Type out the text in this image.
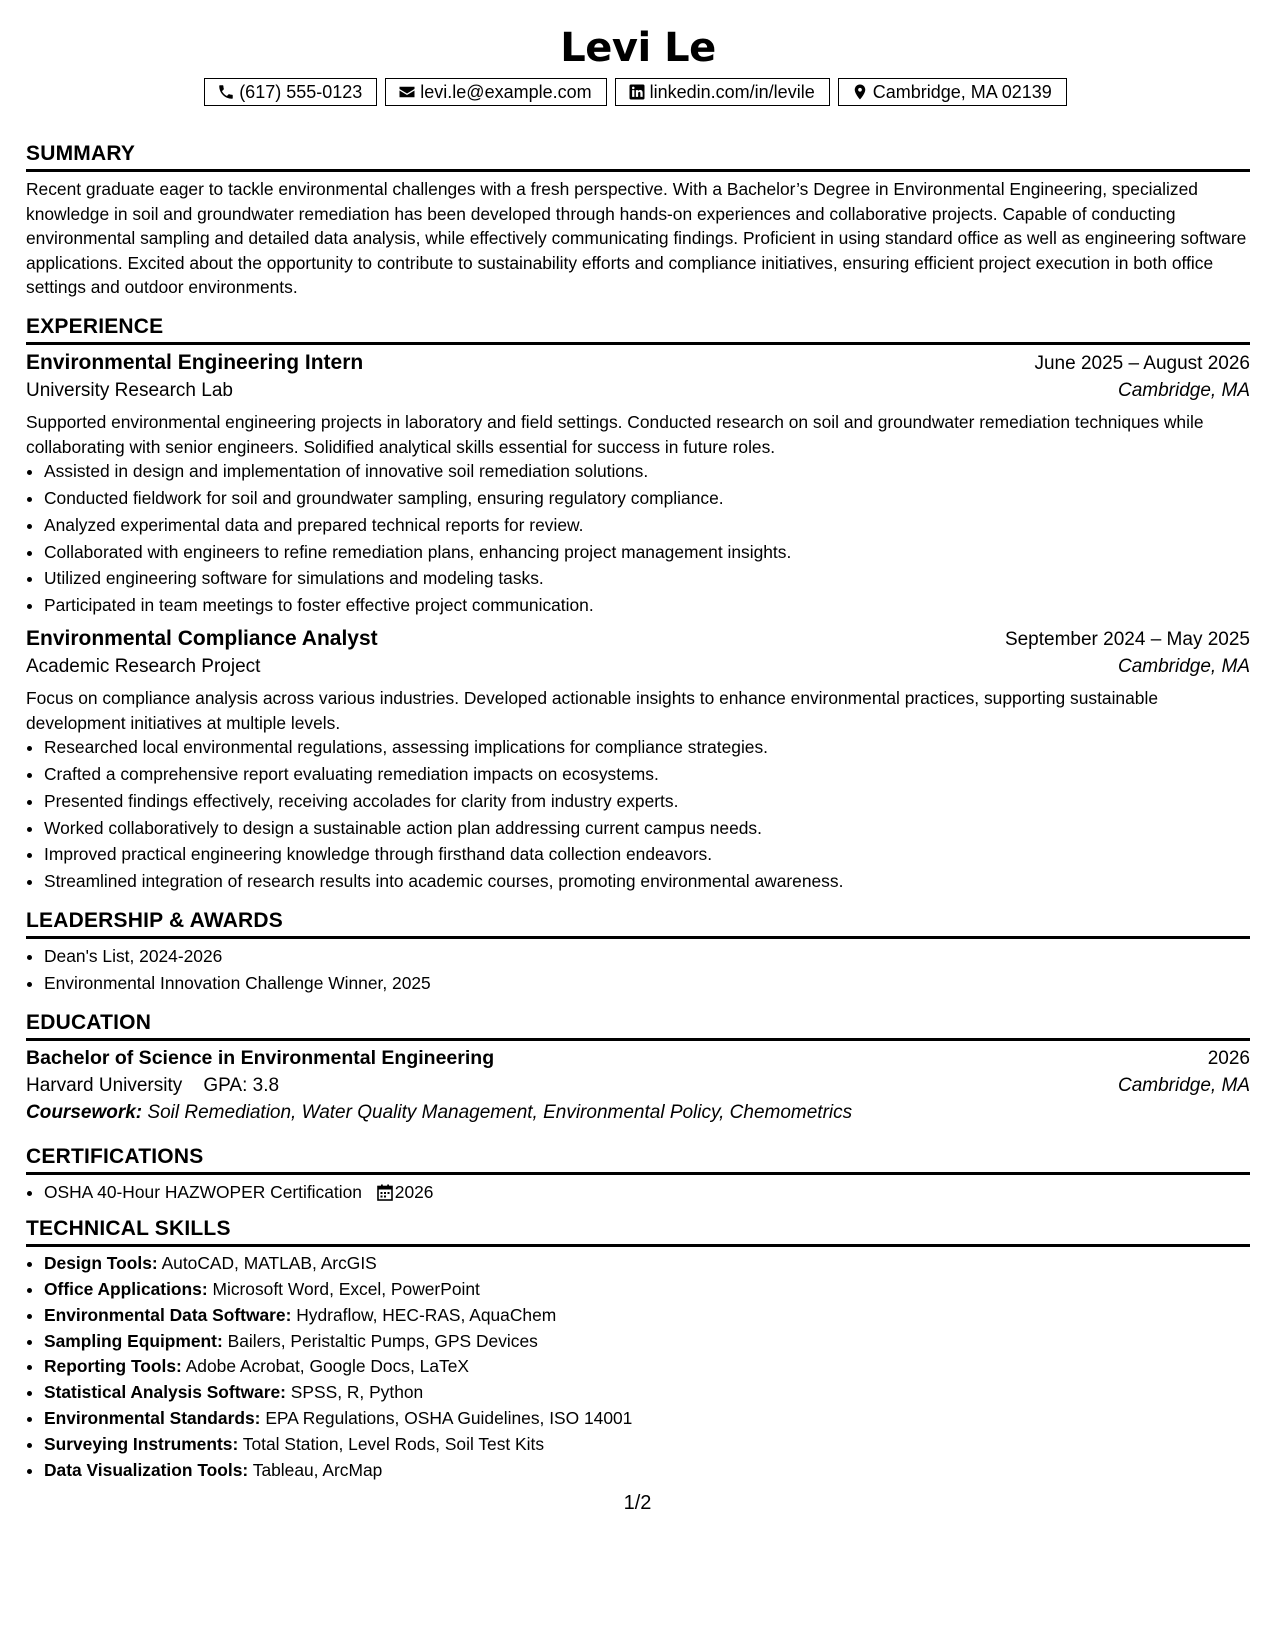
Levi Le
(617) 555-0123	levi.le@example.com	linkedin.com/in/levile	Cambridge, MA 02139
SUMMARY

Recent graduate eager to tackle environmental challenges with a fresh perspective. With a Bachelor’s Degree in Environmental Engineering, specialized knowledge in soil and groundwater remediation has been developed through hands-on experiences and collaborative projects. Capable of conducting environmental sampling and detailed data analysis, while effectively communicating findings. Proficient in using standard office as well as engineering software applications. Excited about the opportunity to contribute to sustainability efforts and compliance initiatives, ensuring efficient project execution in both office settings and outdoor environments.

EXPERIENCE
Environmental Engineering Intern	June 2025 – August 2026
University Research Lab	Cambridge, MA

Supported environmental engineering projects in laboratory and field settings. Conducted research on soil and groundwater remediation techniques while collaborating with senior engineers. Solidified analytical skills essential for success in future roles.

• Assisted in design and implementation of innovative soil remediation solutions.
• Conducted fieldwork for soil and groundwater sampling, ensuring regulatory compliance.
• Analyzed experimental data and prepared technical reports for review.
• Collaborated with engineers to refine remediation plans, enhancing project management insights.
• Utilized engineering software for simulations and modeling tasks.
• Participated in team meetings to foster effective project communication.
Environmental Compliance Analyst	September 2024 – May 2025
Academic Research Project	Cambridge, MA

Focus on compliance analysis across various industries. Developed actionable insights to enhance environmental practices, supporting sustainable development initiatives at multiple levels.

• Researched local environmental regulations, assessing implications for compliance strategies.
• Crafted a comprehensive report evaluating remediation impacts on ecosystems.
• Presented findings effectively, receiving accolades for clarity from industry experts.
• Worked collaboratively to design a sustainable action plan addressing current campus needs.
• Improved practical engineering knowledge through firsthand data collection endeavors.
• Streamlined integration of research results into academic courses, promoting environmental awareness.
LEADERSHIP & AWARDS
• Dean's List, 2024-2026
• Environmental Innovation Challenge Winner, 2025
EDUCATION
Bachelor of Science in Environmental Engineering	2026
Harvard University GPA: 3.8	Cambridge, MA
Coursework: Soil Remediation, Water Quality Management, Environmental Policy, Chemometrics
CERTIFICATIONS
• OSHA 40-Hour HAZWOPER Certification 2026
TECHNICAL SKILLS
• Design Tools: AutoCAD, MATLAB, ArcGIS
• Office Applications: Microsoft Word, Excel, PowerPoint
• Environmental Data Software: Hydraflow, HEC-RAS, AquaChem
• Sampling Equipment: Bailers, Peristaltic Pumps, GPS Devices
• Reporting Tools: Adobe Acrobat, Google Docs, LaTeX
• Statistical Analysis Software: SPSS, R, Python
• Environmental Standards: EPA Regulations, OSHA Guidelines, ISO 14001
• Surveying Instruments: Total Station, Level Rods, Soil Test Kits
• Data Visualization Tools: Tableau, ArcMap
1/2
